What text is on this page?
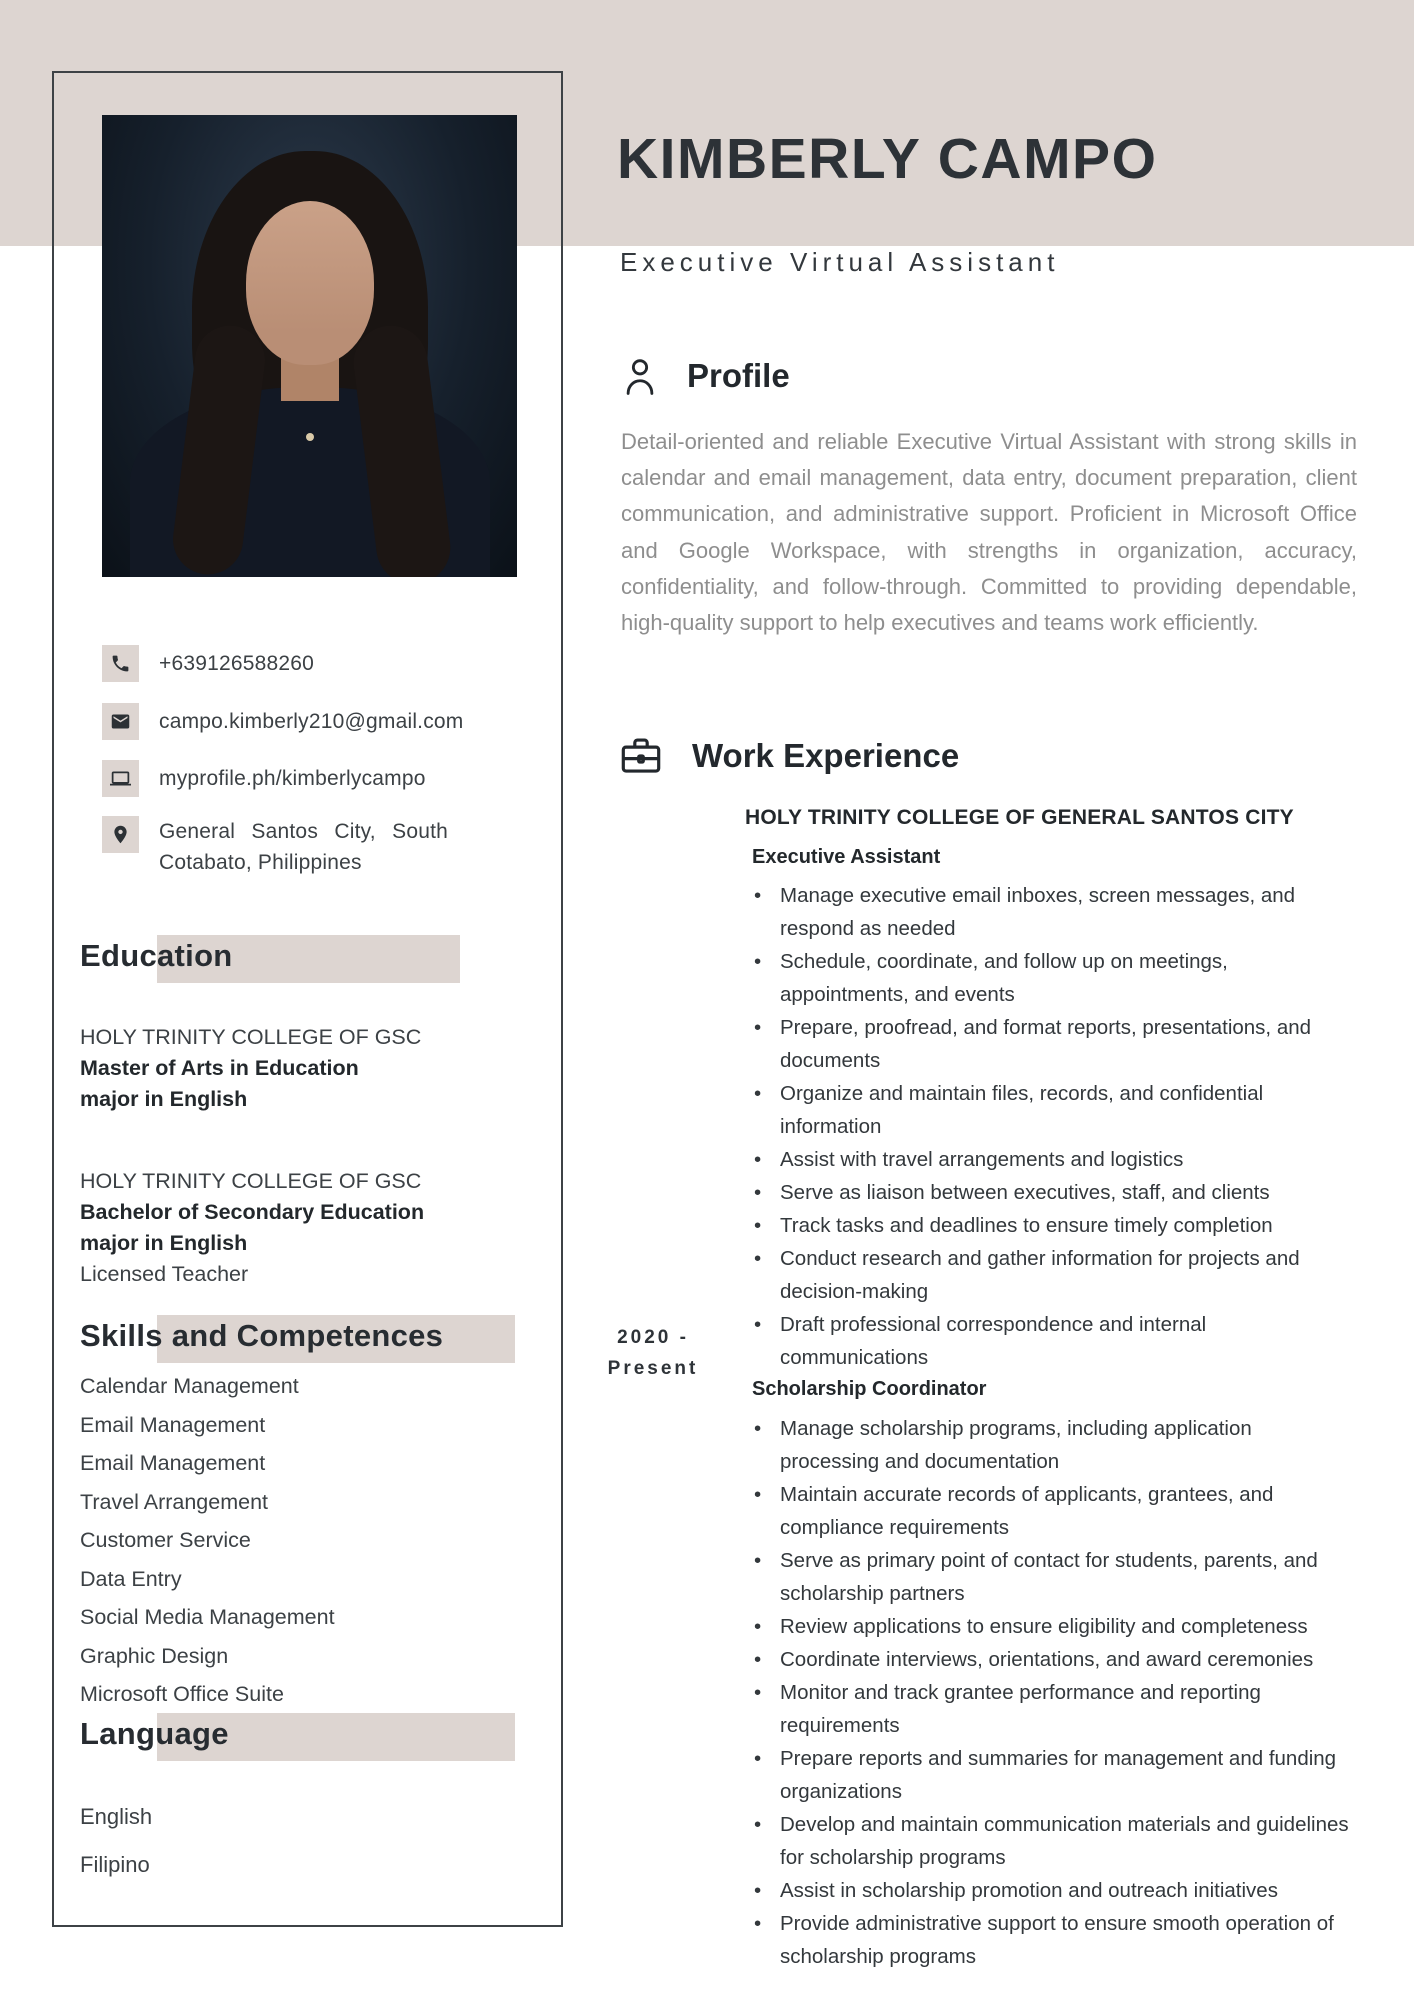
+639126588260
campo.kimberly210@gmail.com
myprofile.ph/kimberlycampo
General Santos City, South Cotabato, Philippines
Education
HOLY TRINITY COLLEGE OF GSC
Master of Arts in Education
major in English
HOLY TRINITY COLLEGE OF GSC
Bachelor of Secondary Education
major in English
Licensed Teacher
Skills and Competences
Calendar Management
Email Management
Email Management
Travel Arrangement
Customer Service
Data Entry
Social Media Management
Graphic Design
Microsoft Office Suite
Language
English
Filipino
KIMBERLY CAMPO
Executive Virtual Assistant
Profile
Detail-oriented and reliable Executive Virtual Assistant with strong skills in calendar and email management, data entry, document preparation, client communication, and administrative support. Proficient in Microsoft Office and Google Workspace, with strengths in organization, accuracy, confidentiality, and follow-through. Committed to providing dependable, high-quality support to help executives and teams work efficiently.
Work Experience
HOLY TRINITY COLLEGE OF GENERAL SANTOS CITY
Executive Assistant
• Manage executive email inboxes, screen messages, and respond as needed
• Schedule, coordinate, and follow up on meetings, appointments, and events
• Prepare, proofread, and format reports, presentations, and documents
• Organize and maintain files, records, and confidential information
• Assist with travel arrangements and logistics
• Serve as liaison between executives, staff, and clients
• Track tasks and deadlines to ensure timely completion
• Conduct research and gather information for projects and decision-making
• Draft professional correspondence and internal communications
2020 -
Present
Scholarship Coordinator
• Manage scholarship programs, including application processing and documentation
• Maintain accurate records of applicants, grantees, and compliance requirements
• Serve as primary point of contact for students, parents, and scholarship partners
• Review applications to ensure eligibility and completeness
• Coordinate interviews, orientations, and award ceremonies
• Monitor and track grantee performance and reporting requirements
• Prepare reports and summaries for management and funding organizations
• Develop and maintain communication materials and guidelines for scholarship programs
• Assist in scholarship promotion and outreach initiatives
• Provide administrative support to ensure smooth operation of scholarship programs
